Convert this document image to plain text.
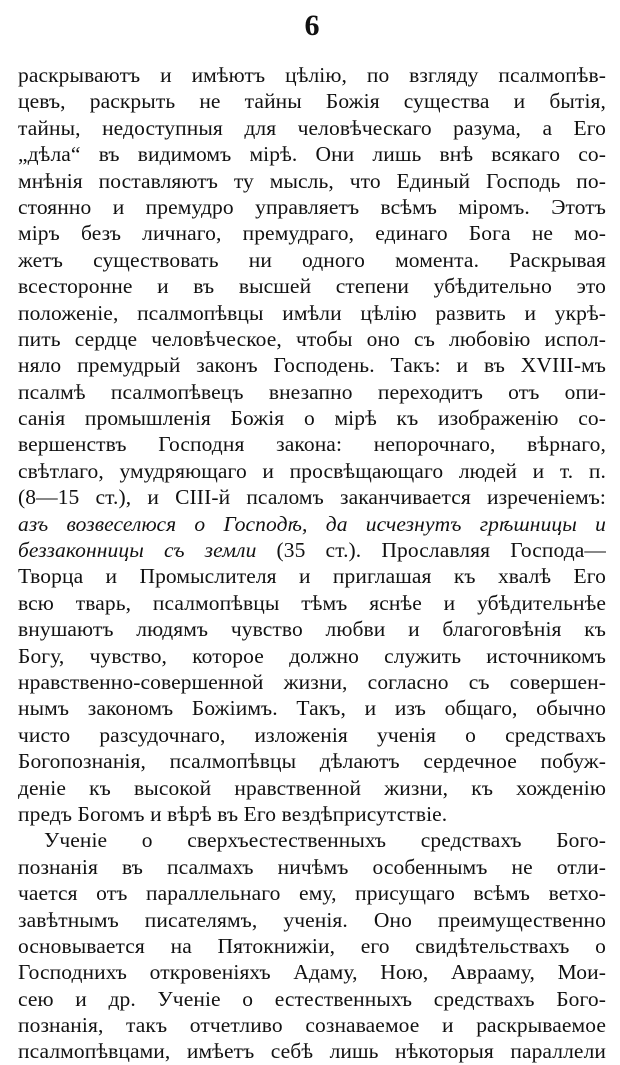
6
раскрываютъ и имѣютъ цѣлію, по взгляду псалмопѣв-
цевъ, раскрыть не тайны Божія существа и бытія,
тайны, недоступныя для человѣческаго разума, а Его
„дѣла“ въ видимомъ мірѣ. Они лишь внѣ всякаго со-
мнѣнія поставляютъ ту мысль, что Единый Господь по-
стоянно и премудро управляетъ всѣмъ міромъ. Этотъ
міръ безъ личнаго, премудраго, единаго Бога не мо-
жетъ существовать ни одного момента. Раскрывая
всесторонне и въ высшей степени убѣдительно это
положеніе, псалмопѣвцы имѣли цѣлію развить и укрѣ-
пить сердце человѣческое, чтобы оно съ любовію испол-
няло премудрый законъ Господень. Такъ: и въ XVIII-мъ
псалмѣ псалмопѣвецъ внезапно переходитъ отъ опи-
санія промышленія Божія о мірѣ къ изображенію со-
вершенствъ Господня закона: непорочнаго, вѣрнаго,
свѣтлаго, умудряющаго и просвѣщающаго людей и т. п.
(8—15 ст.), и СІІІ-й псаломъ заканчивается изреченіемъ:
азъ возвеселюся о Господѣ, да исчезнутъ грѣшницы и
беззаконницы съ земли (35 ст.). Прославляя Господа—
Творца и Промыслителя и приглашая къ хвалѣ Его
всю тварь, псалмопѣвцы тѣмъ яснѣе и убѣдительнѣе
внушаютъ людямъ чувство любви и благоговѣнія къ
Богу, чувство, которое должно служить источникомъ
нравственно-совершенной жизни, согласно съ совершен-
нымъ закономъ Божіимъ. Такъ, и изъ общаго, обычно
чисто разсудочнаго, изложенія ученія о средствахъ
Богопознанія, псалмопѣвцы дѣлаютъ сердечное побуж-
деніе къ высокой нравственной жизни, къ хожденію
предъ Богомъ и вѣрѣ въ Его вездѣприсутствіе.
Ученіе о сверхъестественныхъ средствахъ Бого-
познанія въ псалмахъ ничѣмъ особеннымъ не отли-
чается отъ параллельнаго ему, присущаго всѣмъ ветхо-
завѣтнымъ писателямъ, ученія. Оно преимущественно
основывается на Пятокнижіи, его свидѣтельствахъ о
Господнихъ откровеніяхъ Адаму, Ною, Аврааму, Мои-
сею и др. Ученіе о естественныхъ средствахъ Бого-
познанія, такъ отчетливо сознаваемое и раскрываемое
псалмопѣвцами, имѣетъ себѣ лишь нѣкоторыя параллели
